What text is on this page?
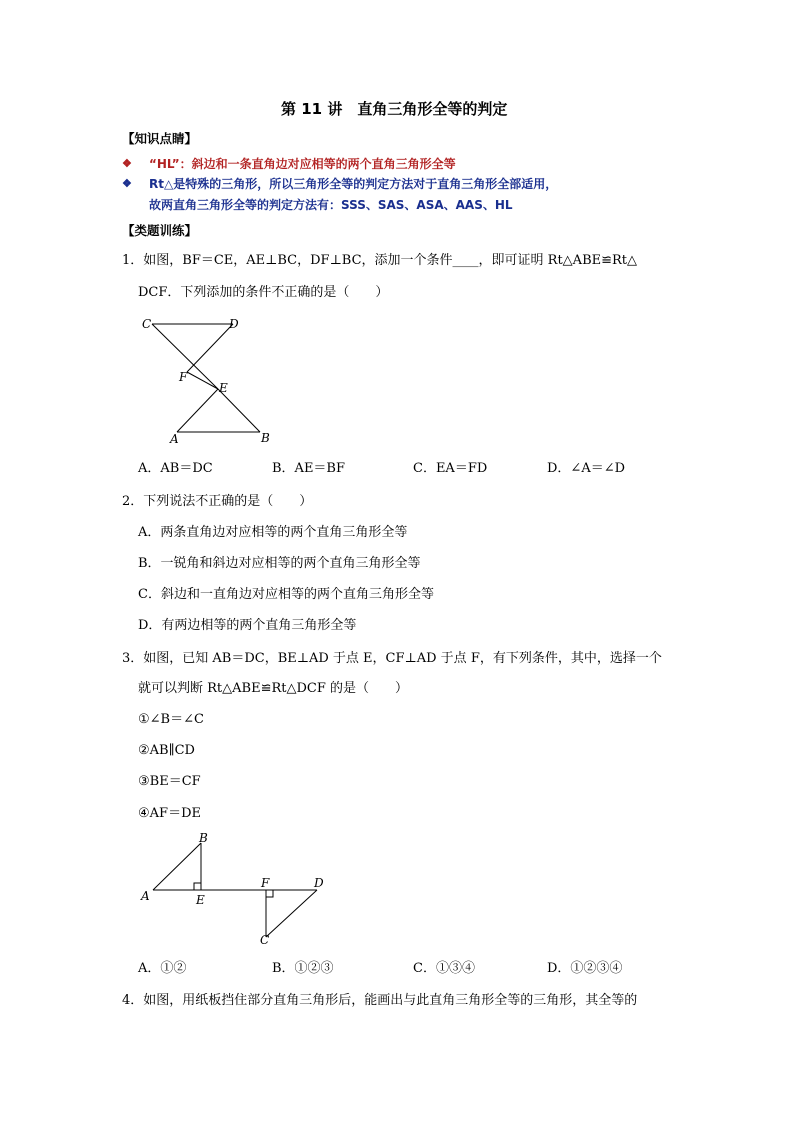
第 11 讲　直角三角形全等的判定
【知识点睛】
❖ “HL”：斜边和一条直角边对应相等的两个直角三角形全等
❖ Rt△是特殊的三角形，所以三角形全等的判定方法对于直角三角形全部适用，
故两直角三角形全等的判定方法有：SSS、SAS、ASA、AAS、HL
【类题训练】
1．如图，BF＝CE，AE⊥BC，DF⊥BC，添加一个条件____，即可证明 Rt△ABE≌Rt△
DCF．下列添加的条件不正确的是（　　）
C	D
F
E
A	B
A．AB＝DC	B．AE＝BF	C．EA＝FD	D．∠A＝∠D
2．下列说法不正确的是（　　）
A．两条直角边对应相等的两个直角三角形全等
B．一锐角和斜边对应相等的两个直角三角形全等
C．斜边和一直角边对应相等的两个直角三角形全等
D．有两边相等的两个直角三角形全等
3．如图，已知 AB＝DC，BE⊥AD 于点 E，CF⊥AD 于点 F，有下列条件，其中，选择一个
就可以判断 Rt△ABE≌Rt△DCF 的是（　　）
①∠B＝∠C
②AB∥CD
③BE＝CF
④AF＝DE
B
A	E
F	D
C
A．①②	B．①②③	C．①③④	D．①②③④
4．如图，用纸板挡住部分直角三角形后，能画出与此直角三角形全等的三角形，其全等的
